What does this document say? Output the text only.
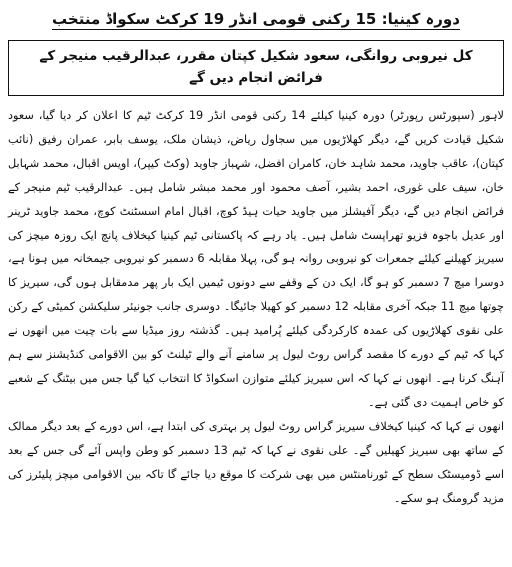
دورہ کینیا: 15 رکنی قومی انڈر 19 کرکٹ سکواڈ منتخب
کل نیروبی روانگی، سعود شکیل کپتان مقرر، عبدالرقیب منیجر کے فرائض انجام دیں گے

لاہور (سپورٹس رپورٹر) دورہ کینیا کیلئے 14 رکنی قومی انڈر 19 کرکٹ ٹیم کا اعلان کر دیا گیا، سعود شکیل قیادت کریں گے، دیگر کھلاڑیوں میں سجاول ریاض، ذیشان ملک، یوسف بابر، عمران رفیق (نائب کپتان)، عاقب جاوید، محمد شاہد خان، کامران افضل، شہباز جاوید (وکٹ کیپر)، اویس اقبال، محمد شہابل خان، سیف علی غوری، احمد بشیر، آصف محمود اور محمد مبشر شامل ہیں۔ عبدالرقیب ٹیم منیجر کے فرائض انجام دیں گے، دیگر آفیشلز میں جاوید حیات ہیڈ کوچ، اقبال امام اسسٹنٹ کوچ، محمد جاوید ٹرینر اور عدیل باجوہ فزیو تھراپسٹ شامل ہیں۔ یاد رہے کہ پاکستانی ٹیم کینیا کیخلاف پانچ ایک روزہ میچز کی سیریز کھیلنے کیلئے جمعرات کو نیروبی روانہ ہو گی، پہلا مقابلہ 6 دسمبر کو نیروبی جیمخانہ میں ہونا ہے، دوسرا میچ 7 دسمبر کو ہو گا، ایک دن کے وقفے سے دونوں ٹیمیں ایک بار پھر مدمقابل ہوں گی، سیریز کا چوتھا میچ 11 جبکہ آخری مقابلہ 12 دسمبر کو کھیلا جائیگا۔ دوسری جانب جونیئر سلیکشن کمیٹی کے رکن علی نقوی کھلاڑیوں کی عمدہ کارکردگی کیلئے پُرامید ہیں۔ گذشتہ روز میڈیا سے بات چیت میں انھوں نے کہا کہ ٹیم کے دورے کا مقصد گراس روٹ لیول پر سامنے آنے والے ٹیلنٹ کو بین الاقوامی کنڈیشنز سے ہم آہنگ کرنا ہے۔ انھوں نے کہا کہ اس سیریز کیلئے متوازن اسکواڈ کا انتخاب کیا گیا جس میں بیٹنگ کے شعبے کو خاص اہمیت دی گئی ہے۔

انھوں نے کہا کہ کینیا کیخلاف سیریز گراس روٹ لیول پر بہتری کی ابتدا ہے، اس دورے کے بعد دیگر ممالک کے ساتھ بھی سیریز کھیلیں گے۔ علی نقوی نے کہا کہ ٹیم 13 دسمبر کو وطن واپس آئے گی جس کے بعد اسے ڈومیسٹک سطح کے ٹورنامنٹس میں بھی شرکت کا موقع دیا جائے گا تاکہ بین الاقوامی میچز پلیئرز کی مزید گرومنگ ہو سکے۔
